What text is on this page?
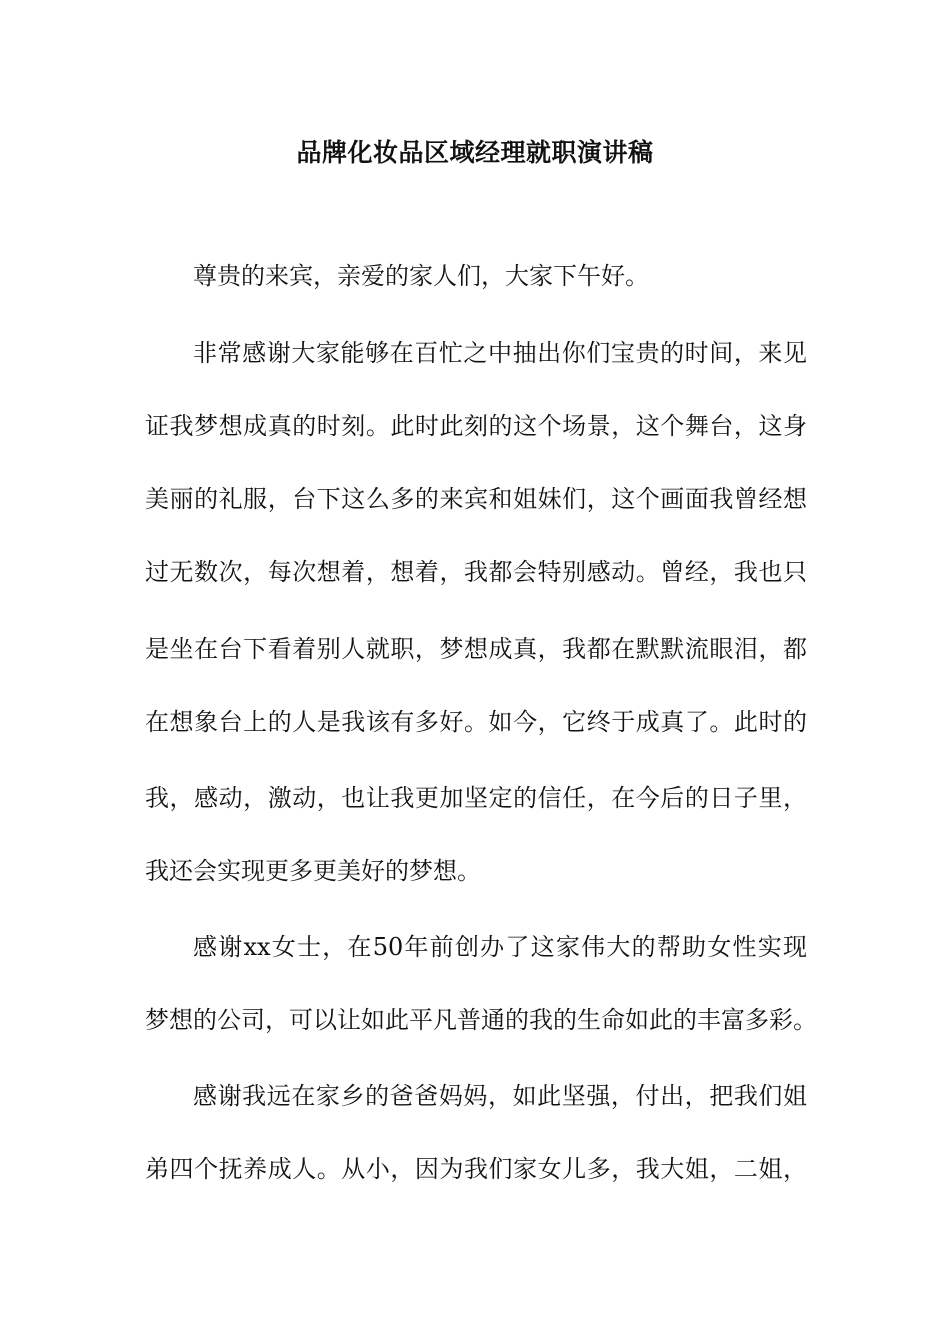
品牌化妆品区域经理就职演讲稿
尊贵的来宾，亲爱的家人们，大家下午好。
非常感谢大家能够在百忙之中抽出你们宝贵的时间，来见
证我梦想成真的时刻。此时此刻的这个场景，这个舞台，这身
美丽的礼服，台下这么多的来宾和姐妹们，这个画面我曾经想
过无数次，每次想着，想着，我都会特别感动。曾经，我也只
是坐在台下看着别人就职，梦想成真，我都在默默流眼泪，都
在想象台上的人是我该有多好。如今，它终于成真了。此时的
我，感动，激动，也让我更加坚定的信任，在今后的日子里，
我还会实现更多更美好的梦想。
感谢xx女士，在50年前创办了这家伟大的帮助女性实现
梦想的公司，可以让如此平凡普通的我的生命如此的丰富多彩。
感谢我远在家乡的爸爸妈妈，如此坚强，付出，把我们姐
弟四个抚养成人。从小，因为我们家女儿多，我大姐，二姐，
